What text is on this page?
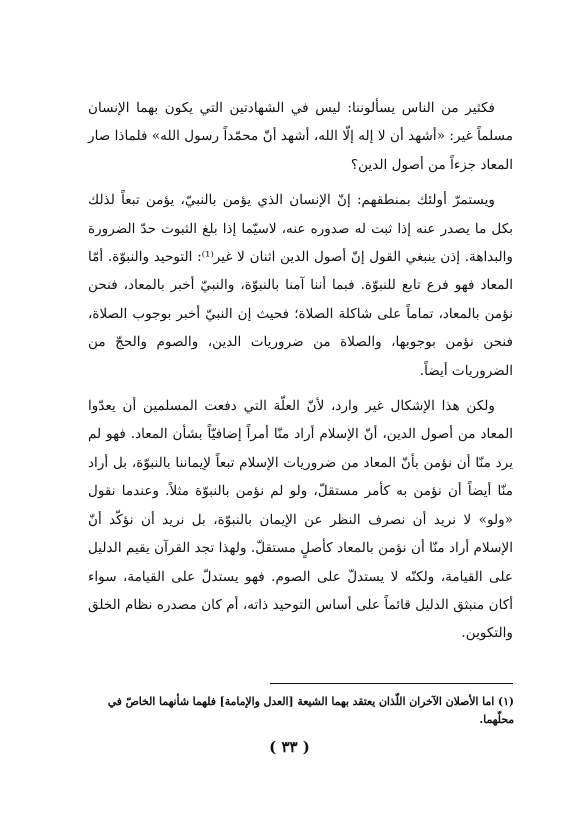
فكثير من الناس يسألوننا: ليس في الشهادتين التي يكون بهما الإنسان مسلماً غير: «أشهد أن لا إله إلّا الله، أشهد أنّ محمّداً رسول الله» فلماذا صار المعاد جزءاً من أصول الدين؟

ويستمرّ أولئك بمنطقهم: إنّ الإنسان الذي يؤمن بالنبيّ، يؤمن تبعاً لذلك بكل ما يصدر عنه إذا ثبت له صدوره عنه، لاسيّما إذا بلغ الثبوت حدّ الضرورة والبداهة. إذن ينبغي القول إنّ أصول الدين اثنان لا غير⁽¹⁾: التوحيد والنبوّة. أمّا المعاد فهو فرع تابع للنبوّة. فبما أننا آمنا بالنبوّة، والنبيّ أخبر بالمعاد، فنحن نؤمن بالمعاد، تماماً على شاكلة الصلاة؛ فحيث إن النبيّ أخبر بوجوب الصلاة، فنحن نؤمن بوجوبها، والصلاة من ضروريات الدين، والصوم والحجّ من الضروريات أيضاً.

ولكن هذا الإشكال غير وارد، لأنّ العلّة التي دفعت المسلمين أن يعدّوا المعاد من أصول الدين، أنّ الإسلام أراد منّا أمراً إضافيّاً بشأن المعاد. فهو لم يرد منّا أن نؤمن بأنّ المعاد من ضروريات الإسلام تبعاً لإيماننا بالنبوّة، بل أراد منّا أيضاً أن نؤمن به كأمر مستقلّ، ولو لم نؤمن بالنبوّة مثلاً. وعندما نقول «ولو» لا نريد أن نصرف النظر عن الإيمان بالنبوّة، بل نريد أن نؤكّد أنّ الإسلام أراد منّا أن نؤمن بالمعاد كأصلٍ مستقلّ. ولهذا تجد القرآن يقيم الدليل على القيامة، ولكنّه لا يستدلّ على الصوم. فهو يستدلّ على القيامة، سواء أكان منبثق الدليل قائماً على أساس التوحيد ذاته، أم كان مصدره نظام الخلق والتكوين.

(١) اما الأصلان الآخران اللّذان يعتقد بهما الشيعة [العدل والإمامة] فلهما شأنهما الخاصّ في محلّهما.
( ٣٣ )
